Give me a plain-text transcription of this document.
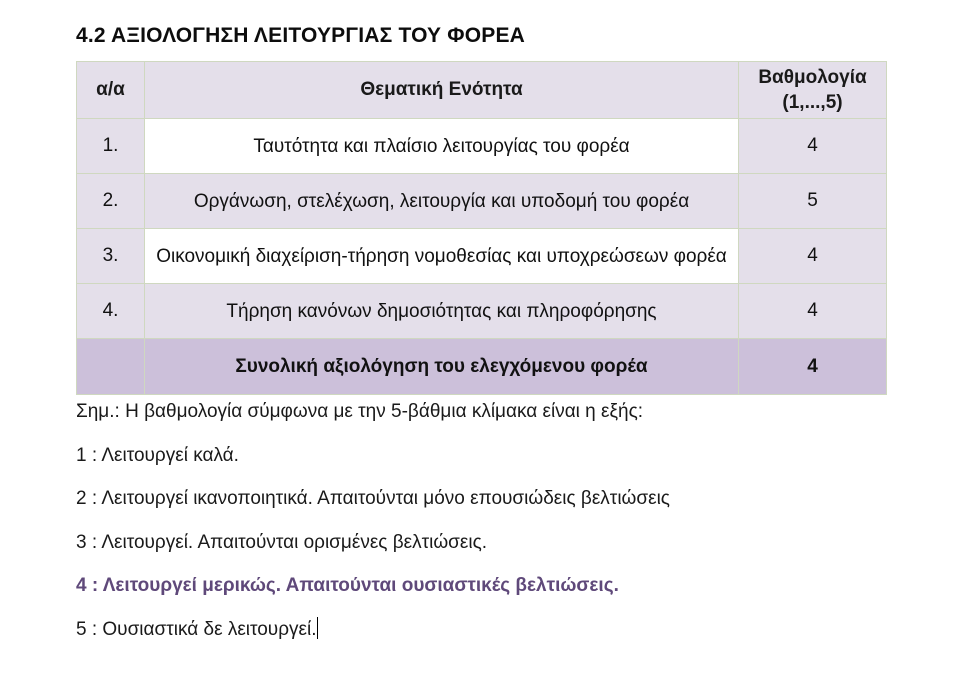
4.2 ΑΞΙΟΛΟΓΗΣΗ ΛΕΙΤΟΥΡΓΙΑΣ ΤΟΥ ΦΟΡΕΑ
α/α	Θεματική Ενότητα	Βαθμολογία
(1,...,5)
1.	Ταυτότητα και πλαίσιο λειτουργίας του φορέα	4
2.	Οργάνωση, στελέχωση, λειτουργία και υποδομή του φορέα	5
3.	Οικονομική διαχείριση-τήρηση νομοθεσίας και υποχρεώσεων φορέα	4
4.	Τήρηση κανόνων δημοσιότητας και πληροφόρησης	4
	Συνολική αξιολόγηση του ελεγχόμενου φορέα	4
Σημ.: Η βαθμολογία σύμφωνα με την 5-βάθμια κλίμακα είναι η εξής:
1 : Λειτουργεί καλά.
2 : Λειτουργεί ικανοποιητικά. Απαιτούνται μόνο επουσιώδεις βελτιώσεις
3 : Λειτουργεί. Απαιτούνται ορισμένες βελτιώσεις.
4 : Λειτουργεί μερικώς. Απαιτούνται ουσιαστικές βελτιώσεις.
5 : Ουσιαστικά δε λειτουργεί.
